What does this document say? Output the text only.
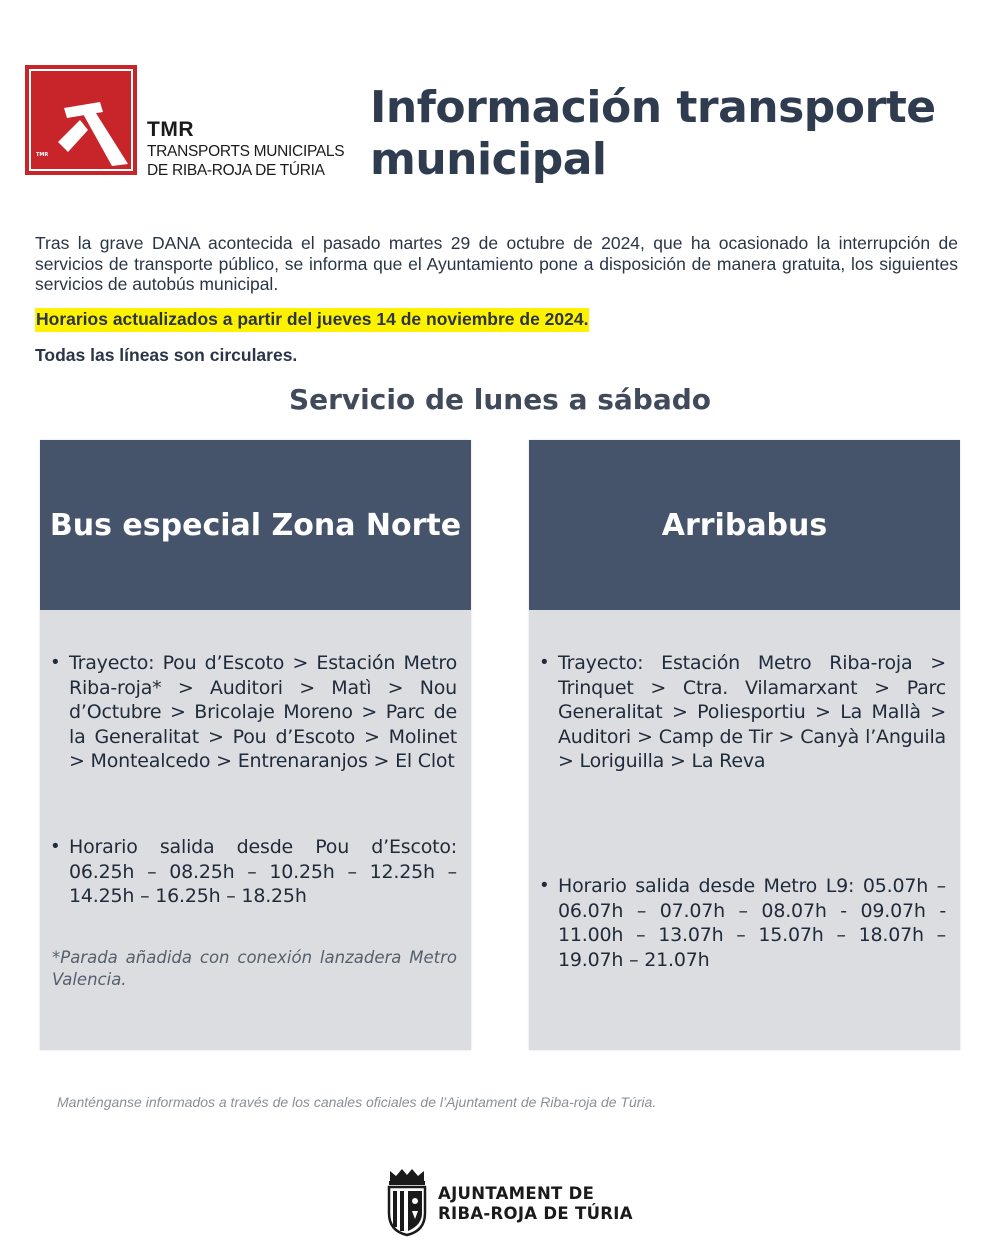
TMR
TMR
TRANSPORTS MUNICIPALS
DE RIBA-ROJA DE TÚRIA
Información transporte
municipal

Tras la grave DANA acontecida el pasado martes 29 de octubre de 2024, que ha ocasionado la interrupción de servicios de transporte público, se informa que el Ayuntamiento pone a disposición de manera gratuita, los siguientes servicios de autobús municipal.

Horarios actualizados a partir del jueves 14 de noviembre de 2024.
Todas las líneas son circulares.
Servicio de lunes a sábado
Bus especial Zona Norte
• Trayecto: Pou d’Escoto > Estación Metro Riba-roja* > Auditori > Matì > Nou d’Octubre > Bricolaje Moreno > Parc de la Generalitat > Pou d’Escoto > Molinet > Montealcedo > Entrenaranjos > El Clot

• Horario salida desde Pou d’Escoto: 06.25h – 08.25h – 10.25h – 12.25h – 14.25h – 16.25h – 18.25h

*Parada añadida con conexión lanzadera Metro Valencia.

Arribabus
• Trayecto: Estación Metro Riba-roja > Trinquet > Ctra. Vilamarxant > Parc Generalitat > Poliesportiu > La Mallà > Auditori > Camp de Tir > Canyà l’Anguila > Loriguilla > La Reva

• Horario salida desde Metro L9: 05.07h – 06.07h – 07.07h – 08.07h - 09.07h - 11.00h – 13.07h – 15.07h – 18.07h – 19.07h – 21.07h

Manténganse informados a través de los canales oficiales de l’Ajuntament de Riba-roja de Túria.

AJUNTAMENT DE
RIBA-ROJA DE TÚRIA
